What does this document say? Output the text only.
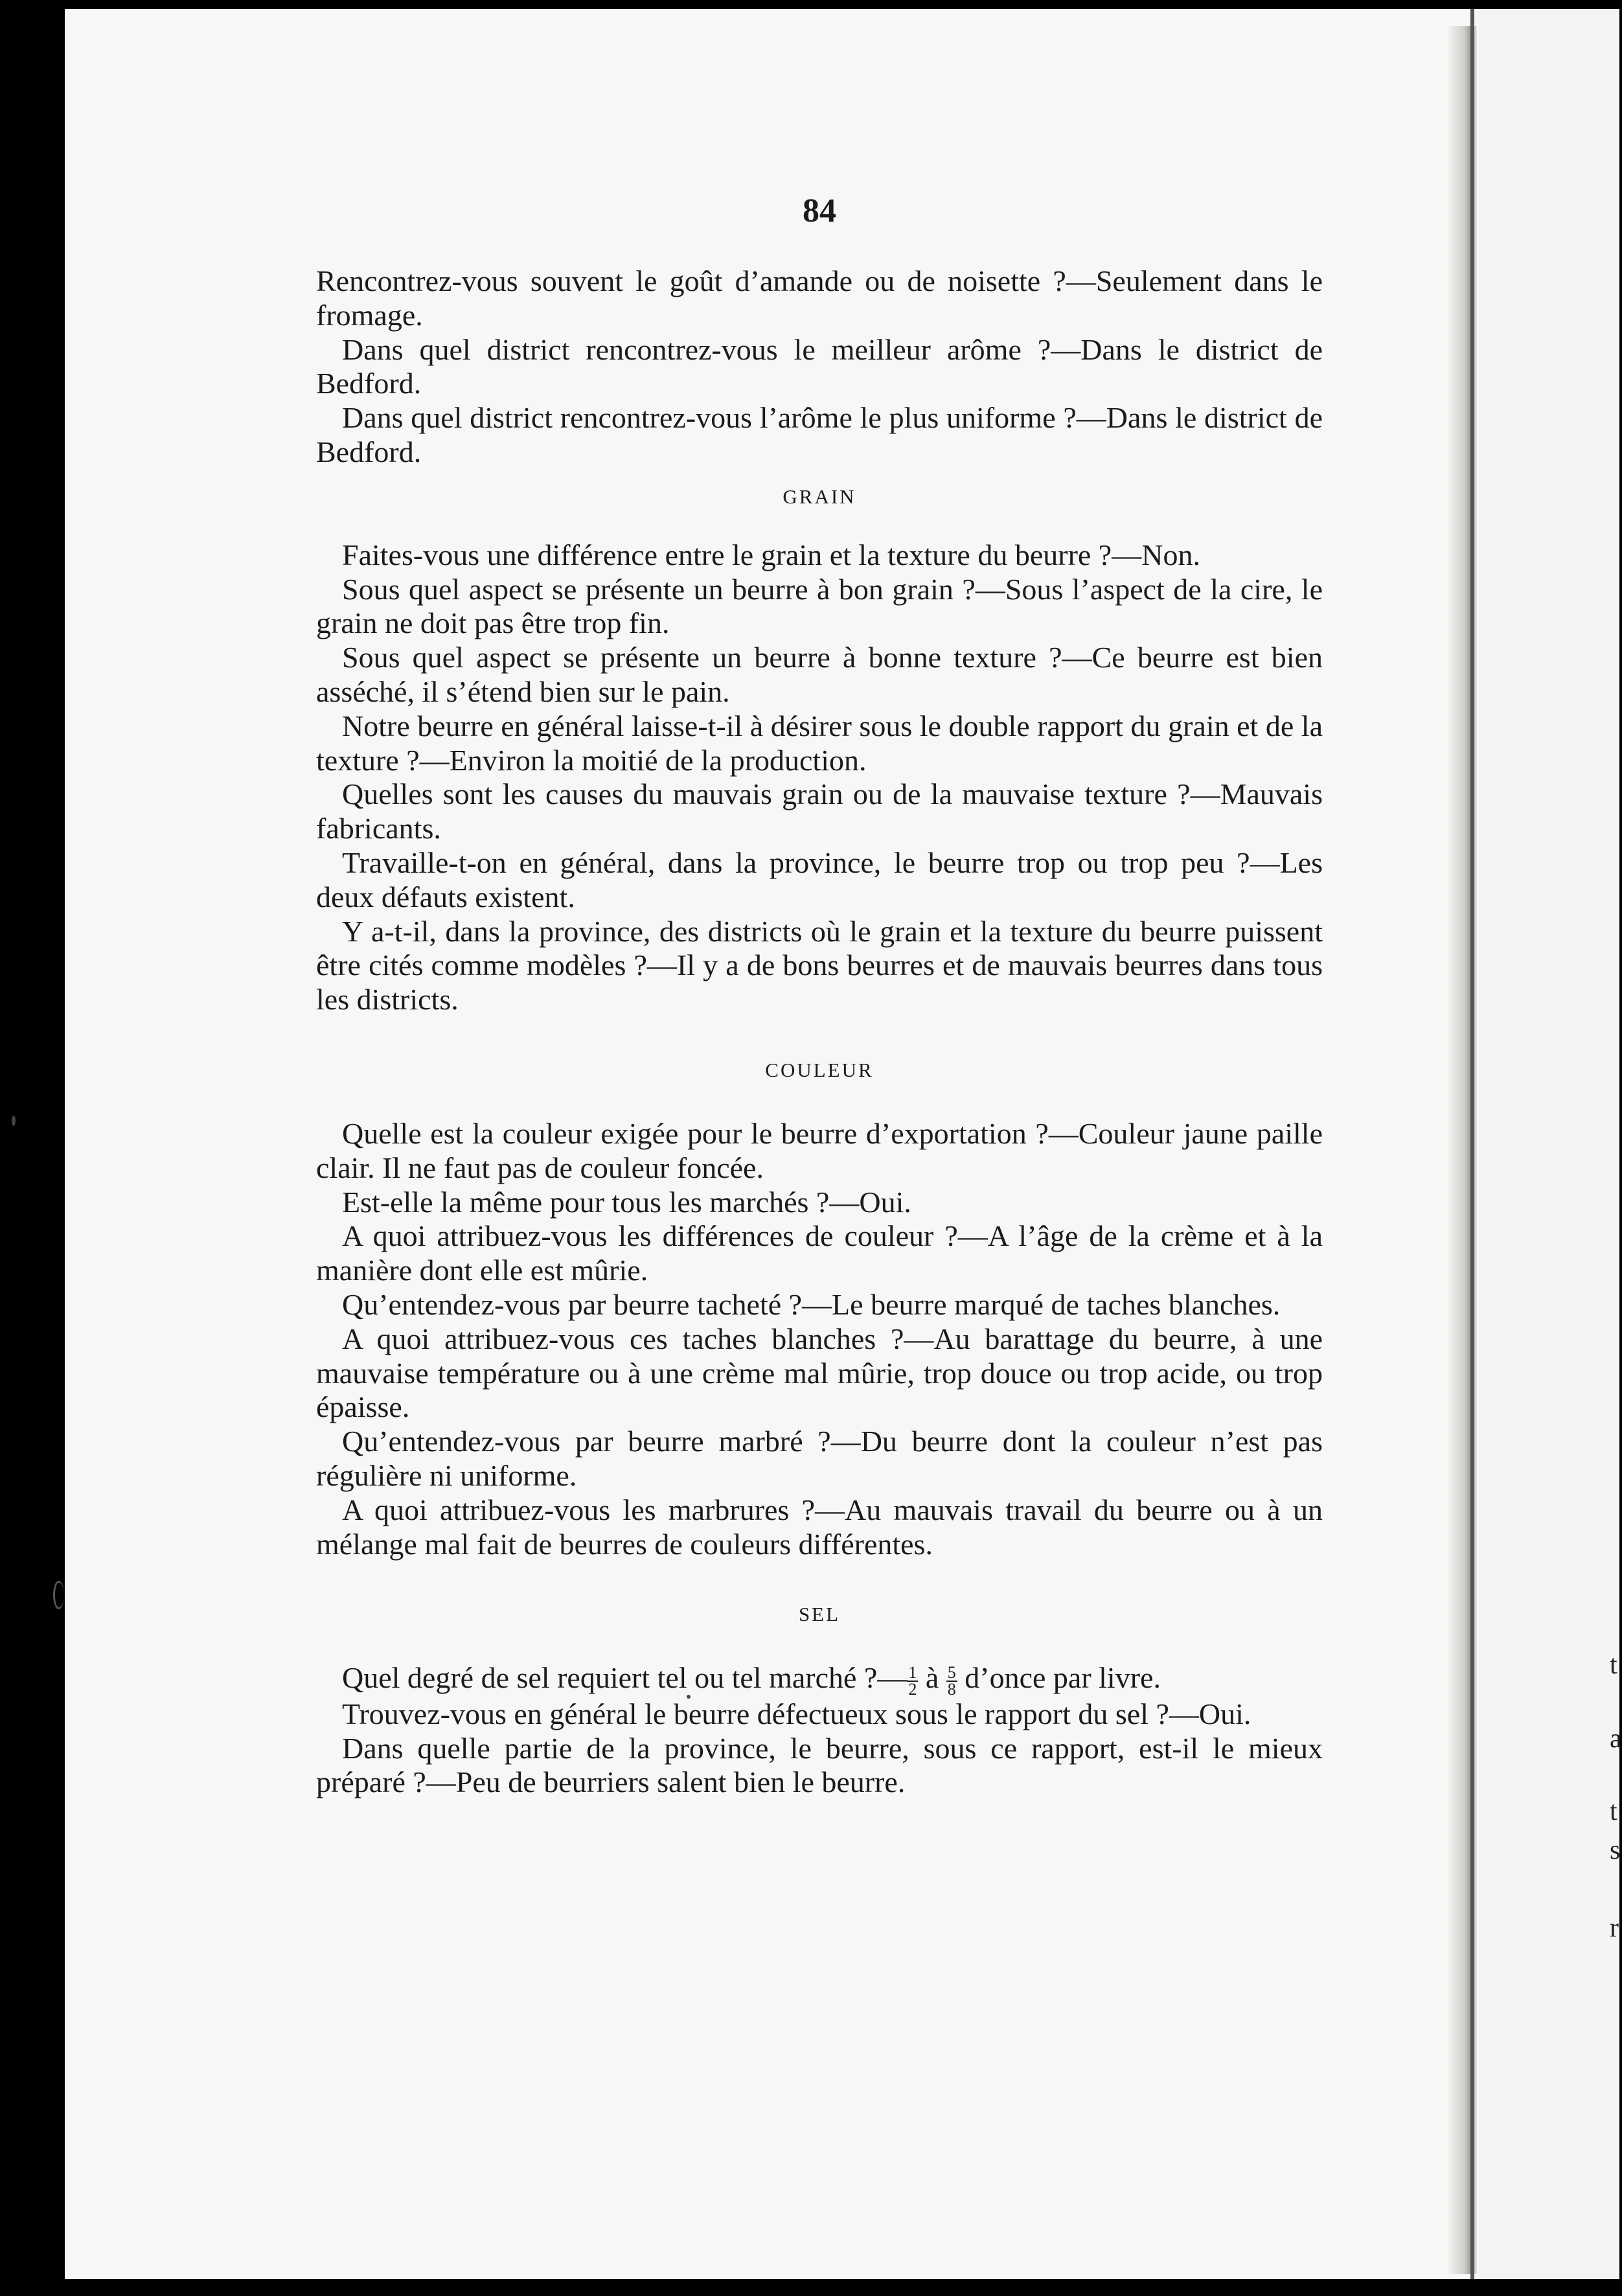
t
a
t
s
r
84

Rencontrez-vous souvent le goût d’amande ou de noisette ?—Seulement dans le fromage.

Dans quel district rencontrez-vous le meilleur arôme ?—Dans le district de Bedford.

Dans quel district rencontrez-vous l’arôme le plus uniforme ?—Dans le district de Bedford.

GRAIN

Faites-vous une différence entre le grain et la texture du beurre ?—Non.

Sous quel aspect se présente un beurre à bon grain ?—Sous l’aspect de la cire, le grain ne doit pas être trop fin.

Sous quel aspect se présente un beurre à bonne texture ?—Ce beurre est bien asséché, il s’étend bien sur le pain.

Notre beurre en général laisse-t-il à désirer sous le double rapport du grain et de la texture ?—Environ la moitié de la production.

Quelles sont les causes du mauvais grain ou de la mauvaise texture ?—Mauvais fabricants.

Travaille-t-on en général, dans la province, le beurre trop ou trop peu ?—Les deux défauts existent.

Y a-t-il, dans la province, des districts où le grain et la texture du beurre puissent être cités comme modèles ?—Il y a de bons beurres et de mauvais beurres dans tous les districts.

COULEUR

Quelle est la couleur exigée pour le beurre d’exportation ?—Couleur jaune paille clair. Il ne faut pas de couleur foncée.

Est-elle la même pour tous les marchés ?—Oui.

A quoi attribuez-vous les différences de couleur ?—A l’âge de la crème et à la manière dont elle est mûrie.

Qu’entendez-vous par beurre tacheté ?—Le beurre marqué de taches blanches.

A quoi attribuez-vous ces taches blanches ?—Au barattage du beurre, à une mauvaise température ou à une crème mal mûrie, trop douce ou trop acide, ou trop épaisse.

Qu’entendez-vous par beurre marbré ?—Du beurre dont la couleur n’est pas régulière ni uniforme.

A quoi attribuez-vous les marbrures ?—Au mauvais travail du beurre ou à un mélange mal fait de beurres de couleurs différentes.

SEL

Quel degré de sel requiert tel ou tel marché ?— $\frac{1}{2}$ à $\frac{5}{8}$ d’once par livre.

Trouvez-vous en général le beurre défectueux sous le rapport du sel ?—Oui.

Dans quelle partie de la province, le beurre, sous ce rapport, est-il le mieux préparé ?—Peu de beurriers salent bien le beurre.
